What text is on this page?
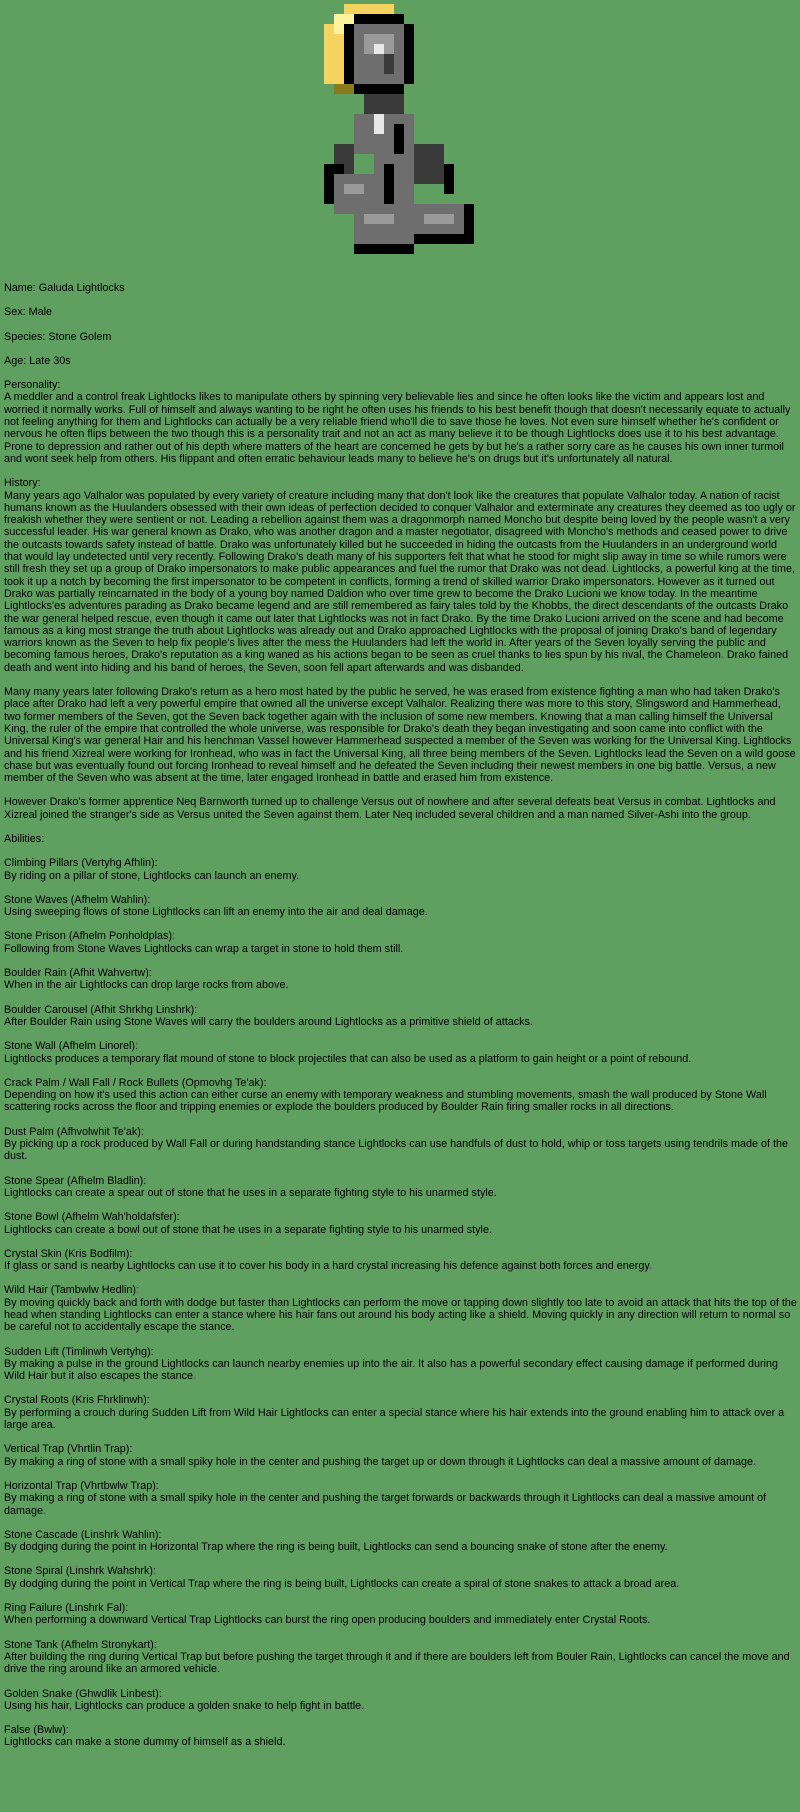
Name: Galuda Lightlocks
Sex: Male
Species: Stone Golem
Age: Late 30s
Personality:
A meddler and a control freak Lightlocks likes to manipulate others by spinning very believable lies and since he often looks like the victim and appears lost and worried it normally works. Full of himself and always wanting to be right he often uses his friends to his best benefit though that doesn't necessarily equate to actually not feeling anything for them and Lightlocks can actually be a very reliable friend who'll die to save those he loves. Not even sure himself whether he's confident or nervous he often flips between the two though this is a personality trait and not an act as many believe it to be though Lightlocks does use it to his best advantage. Prone to depression and rather out of his depth where matters of the heart are concerned he gets by but he's a rather sorry care as he causes his own inner turmoil and wont seek help from others. His flippant and often erratic behaviour leads many to believe he's on drugs but it's unfortunately all natural.
History:
Many years ago Valhalor was populated by every variety of creature including many that don't look like the creatures that populate Valhalor today. A nation of racist humans known as the Huulanders obsessed with their own ideas of perfection decided to conquer Valhalor and exterminate any creatures they deemed as too ugly or freakish whether they were sentient or not. Leading a rebellion against them was a dragonmorph named Moncho but despite being loved by the people wasn't a very successful leader. His war general known as Drako, who was another dragon and a master negotiator, disagreed with Moncho's methods and ceased power to drive the outcasts towards safety instead of battle. Drako was unfortunately killed but he succeeded in hiding the outcasts from the Huulanders in an underground world that would lay undetected until very recently. Following Drako's death many of his supporters felt that what he stood for might slip away in time so while rumors were still fresh they set up a group of Drako impersonators to make public appearances and fuel the rumor that Drako was not dead. Lightlocks, a powerful king at the time, took it up a notch by becoming the first impersonator to be competent in conflicts, forming a trend of skilled warrior Drako impersonators. However as it turned out Drako was partially reincarnated in the body of a young boy named Daldion who over time grew to become the Drako Lucioni we know today. In the meantime Lightlocks'es adventures parading as Drako became legend and are still remembered as fairy tales told by the Khobbs, the direct descendants of the outcasts Drako the war general helped rescue, even though it came out later that Lightlocks was not in fact Drako. By the time Drako Lucioni arrived on the scene and had become famous as a king most strange the truth about Lightlocks was already out and Drako approached Lightlocks with the proposal of joining Drako's band of legendary warriors known as the Seven to help fix people's lives after the mess the Huulanders had left the world in. After years of the Seven loyally serving the public and becoming famous heroes, Drako's reputation as a king waned as his actions began to be seen as cruel thanks to lies spun by his rival, the Chameleon. Drako fained death and went into hiding and his band of heroes, the Seven, soon fell apart afterwards and was disbanded.
Many many years later following Drako's return as a hero most hated by the public he served, he was erased from existence fighting a man who had taken Drako's place after Drako had left a very powerful empire that owned all the universe except Valhalor. Realizing there was more to this story, Slingsword and Hammerhead, two former members of the Seven, got the Seven back together again with the inclusion of some new members. Knowing that a man calling himself the Universal King, the ruler of the empire that controlled the whole universe, was responsible for Drako's death they began investigating and soon came into conflict with the Universal King's war general Hair and his henchman Vassel however Hammerhead suspected a member of the Seven was working for the Universal King. Lightlocks and his friend Xizreal were working for Ironhead, who was in fact the Universal King, all three being members of the Seven. Lightlocks lead the Seven on a wild goose chase but was eventually found out forcing Ironhead to reveal himself and he defeated the Seven including their newest members in one big battle. Versus, a new member of the Seven who was absent at the time, later engaged Ironhead in battle and erased him from existence.
However Drako's former apprentice Neq Barnworth turned up to challenge Versus out of nowhere and after several defeats beat Versus in combat. Lightlocks and Xizreal joined the stranger's side as Versus united the Seven against them. Later Neq included several children and a man named Silver-Ashi into the group.
Abilities:
Climbing Pillars (Vertyhg Afhlin):
By riding on a pillar of stone, Lightlocks can launch an enemy.
Stone Waves (Afhelm Wahlin):
Using sweeping flows of stone Lightlocks can lift an enemy into the air and deal damage.
Stone Prison (Afhelm Ponholdplas):
Following from Stone Waves Lightlocks can wrap a target in stone to hold them still.
Boulder Rain (Afhit Wahvertw):
When in the air Lightlocks can drop large rocks from above.
Boulder Carousel (Afhit Shrkhg Linshrk):
After Boulder Rain using Stone Waves will carry the boulders around Lightlocks as a primitive shield of attacks.
Stone Wall (Afhelm Linorel):
Lightlocks produces a temporary flat mound of stone to block projectiles that can also be used as a platform to gain height or a point of rebound.
Crack Palm / Wall Fall / Rock Bullets (Opmovhg Te'ak):
Depending on how it's used this action can either curse an enemy with temporary weakness and stumbling movements, smash the wall produced by Stone Wall scattering rocks across the floor and tripping enemies or explode the boulders produced by Boulder Rain firing smaller rocks in all directions.
Dust Palm (Afhvolwhit Te'ak):
By picking up a rock produced by Wall Fall or during handstanding stance Lightlocks can use handfuls of dust to hold, whip or toss targets using tendrils made of the dust.
Stone Spear (Afhelm Bladlin):
Lightlocks can create a spear out of stone that he uses in a separate fighting style to his unarmed style.
Stone Bowl (Afhelm Wah'holdafsfer):
Lightlocks can create a bowl out of stone that he uses in a separate fighting style to his unarmed style.
Crystal Skin (Kris Bodfilm):
If glass or sand is nearby Lightlocks can use it to cover his body in a hard crystal increasing his defence against both forces and energy.
Wild Hair (Tambwlw Hedlin):
By moving quickly back and forth with dodge but faster than Lightlocks can perform the move or tapping down slightly too late to avoid an attack that hits the top of the head when standing Lightlocks can enter a stance where his hair fans out around his body acting like a shield. Moving quickly in any direction will return to normal so be careful not to accidentally escape the stance.
Sudden Lift (Timlinwh Vertyhg):
By making a pulse in the ground Lightlocks can launch nearby enemies up into the air. It also has a powerful secondary effect causing damage if performed during Wild Hair but it also escapes the stance.
Crystal Roots (Kris Fhrklinwh):
By performing a crouch during Sudden Lift from Wild Hair Lightlocks can enter a special stance where his hair extends into the ground enabling him to attack over a large area.
Vertical Trap (Vhrtlin Trap):
By making a ring of stone with a small spiky hole in the center and pushing the target up or down through it Lightlocks can deal a massive amount of damage.
Horizontal Trap (Vhrtbwlw Trap):
By making a ring of stone with a small spiky hole in the center and pushing the target forwards or backwards through it Lightlocks can deal a massive amount of damage.
Stone Cascade (Linshrk Wahlin):
By dodging during the point in Horizontal Trap where the ring is being built, Lightlocks can send a bouncing snake of stone after the enemy.
Stone Spiral (Linshrk Wahshrk):
By dodging during the point in Vertical Trap where the ring is being built, Lightlocks can create a spiral of stone snakes to attack a broad area.
Ring Failure (Linshrk Fal):
When performing a downward Vertical Trap Lightlocks can burst the ring open producing boulders and immediately enter Crystal Roots.
Stone Tank (Afhelm Stronykart):
After building the ring during Vertical Trap but before pushing the target through it and if there are boulders left from Bouler Rain, Lightlocks can cancel the move and drive the ring around like an armored vehicle.
Golden Snake (Ghwdlik Linbest):
Using his hair, Lightlocks can produce a golden snake to help fight in battle.
False (Bwlw):
Lightlocks can make a stone dummy of himself as a shield.
